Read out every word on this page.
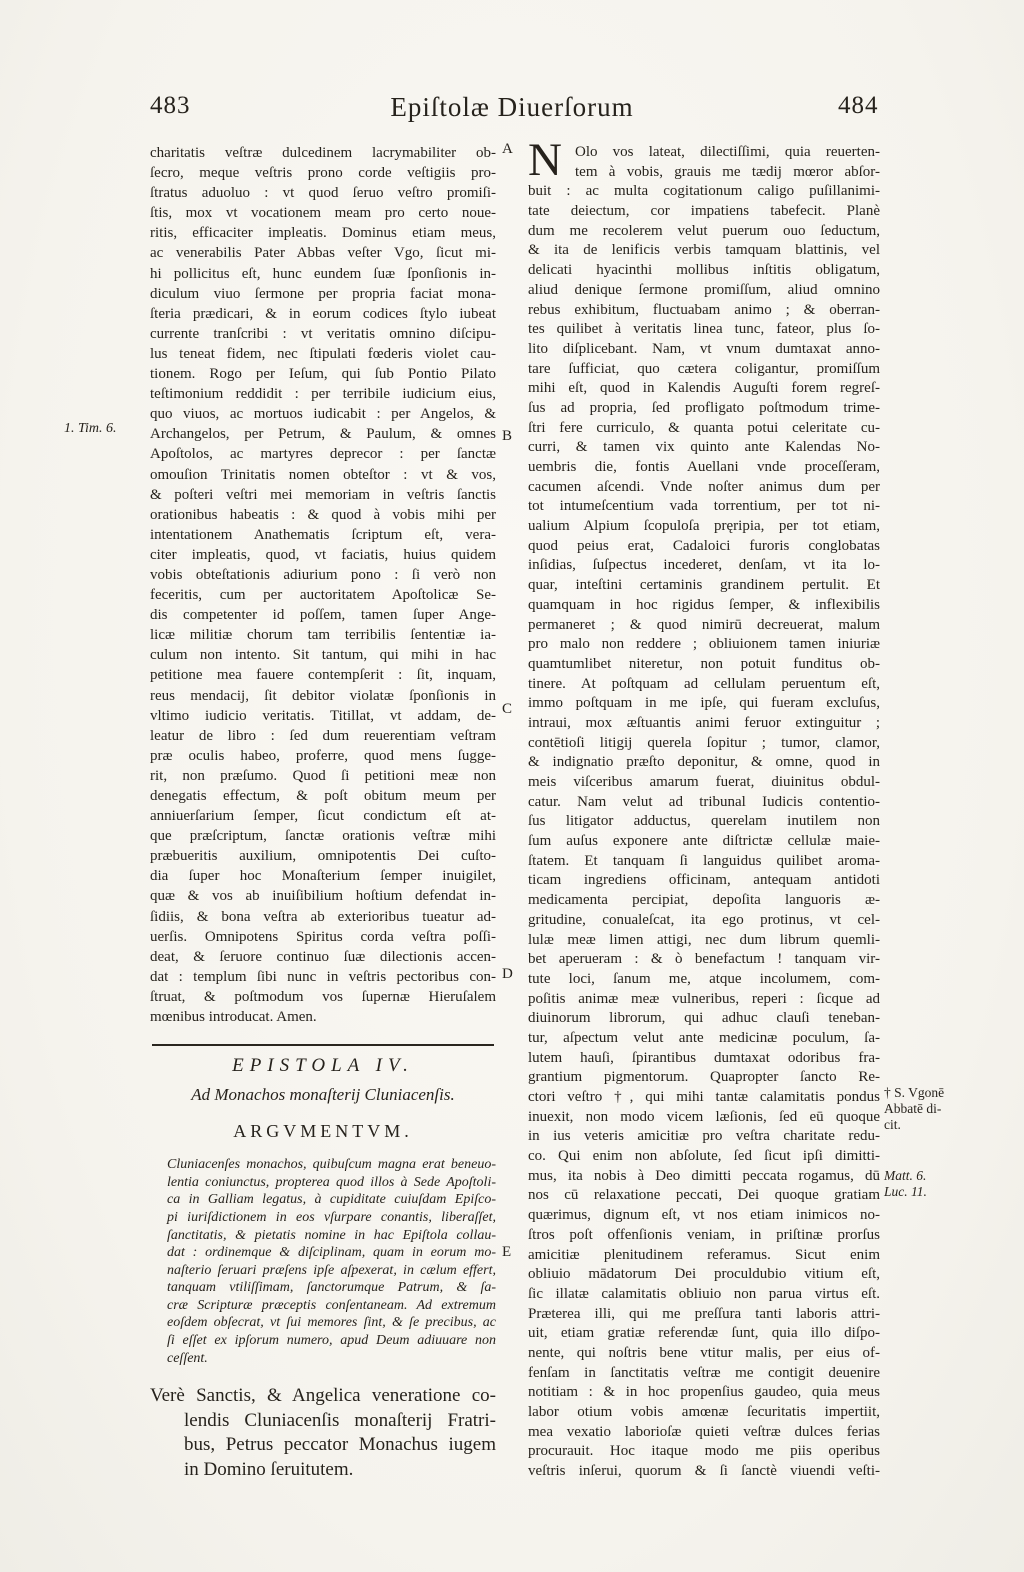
483	Epiſtolæ Diuerſorum	484
1. Tim. 6.
A
B
C
D
E
charitatis veſtræ dulcedinem lacrymabiliter ob-
ſecro, meque veſtris prono corde veſtigiis pro-
ſtratus aduoluo : vt quod ſeruo veſtro promiſi-
ſtis, mox vt vocationem meam pro certo noue-
ritis, efficaciter impleatis. Dominus etiam meus,
ac venerabilis Pater Abbas veſter Vgo, ſicut mi-
hi pollicitus eſt, hunc eundem ſuæ ſponſionis in-
diculum viuo ſermone per propria faciat mona-
ſteria prædicari, & in eorum codices ſtylo iubeat
currente tranſcribi : vt veritatis omnino diſcipu-
lus teneat fidem, nec ſtipulati fœderis violet cau-
tionem. Rogo per Ieſum, qui ſub Pontio Pilato
teſtimonium reddidit : per terribile iudicium eius,
quo viuos, ac mortuos iudicabit : per Angelos, &
Archangelos, per Petrum, & Paulum, & omnes
Apoſtolos, ac martyres deprecor : per ſanctæ
omouſion Trinitatis nomen obteſtor : vt & vos,
& poſteri veſtri mei memoriam in veſtris ſanctis
orationibus habeatis : & quod à vobis mihi per
intentationem Anathematis ſcriptum eſt, vera-
citer impleatis, quod, vt faciatis, huius quidem
vobis obteſtationis adiurium pono : ſi verò non
feceritis, cum per auctoritatem Apoſtolicæ Se-
dis competenter id poſſem, tamen ſuper Ange-
licæ militiæ chorum tam terribilis ſententiæ ia-
culum non intento. Sit tantum, qui mihi in hac
petitione mea fauere contempſerit : ſit, inquam,
reus mendacij, ſit debitor violatæ ſponſionis in
vltimo iudicio veritatis. Titillat, vt addam, de-
leatur de libro : ſed dum reuerentiam veſtram
præ oculis habeo, proferre, quod mens ſugge-
rit, non præſumo. Quod ſi petitioni meæ non
denegatis effectum, & poſt obitum meum per
anniuerſarium ſemper, ſicut condictum eſt at-
que præſcriptum, ſanctæ orationis veſtræ mihi
præbueritis auxilium, omnipotentis Dei cuſto-
dia ſuper hoc Monaſterium ſemper inuigilet,
quæ & vos ab inuiſibilium hoſtium defendat in-
ſidiis, & bona veſtra ab exterioribus tueatur ad-
uerſis. Omnipotens Spiritus corda veſtra poſſi-
deat, & ſeruore continuo ſuæ dilectionis accen-
dat : templum ſibi nunc in veſtris pectoribus con-
ſtruat, & poſtmodum vos ſupernæ Hieruſalem
mœnibus introducat. Amen.
EPISTOLA IV.
Ad Monachos monaſterij Cluniacenſis.
ARGVMENTVM.
Cluniacenſes monachos, quibuſcum magna erat beneuo-
lentia coniunctus, propterea quod illos à Sede Apoſtoli-
ca in Galliam legatus, à cupiditate cuiuſdam Epiſco-
pi iuriſdictionem in eos vſurpare conantis, liberaſſet,
ſanctitatis, & pietatis nomine in hac Epiſtola collau-
dat : ordinemque & diſciplinam, quam in eorum mo-
naſterio ſeruari præſens ipſe aſpexerat, in cælum effert,
tanquam vtiliſſimam, ſanctorumque Patrum, & ſa-
cræ Scripturæ præceptis conſentaneam. Ad extremum
eoſdem obſecrat, vt ſui memores ſint, & ſe precibus, ac
ſi eſſet ex ipſorum numero, apud Deum adiuuare non
ceſſent.
Verè Sanctis, & Angelica veneratione co-
lendis Cluniacenſis monaſterij Fratri-
bus, Petrus peccator Monachus iugem
in Domino ſeruitutem.
N Olo vos lateat, dilectiſſimi, quia reuerten-
tem à vobis, grauis me tædij mœror abſor-
buit : ac multa cogitationum caligo puſillanimi-
tate deiectum, cor impatiens tabefecit. Planè
dum me recolerem velut puerum ouo ſeductum,
& ita de lenificis verbis tamquam blattinis, vel
delicati hyacinthi mollibus inſtitis obligatum,
aliud denique ſermone promiſſum, aliud omnino
rebus exhibitum, fluctuabam animo ; & oberran-
tes quilibet à veritatis linea tunc, fateor, plus ſo-
lito diſplicebant. Nam, vt vnum dumtaxat anno-
tare ſufficiat, quo cætera coligantur, promiſſum
mihi eſt, quod in Kalendis Auguſti forem regreſ-
ſus ad propria, ſed profligato poſtmodum trime-
ſtri fere curriculo, & quanta potui celeritate cu-
curri, & tamen vix quinto ante Kalendas No-
uembris die, fontis Auellani vnde proceſſeram,
cacumen aſcendi. Vnde noſter animus dum per
tot intumeſcentium vada torrentium, per tot ni-
ualium Alpium ſcopuloſa pręripia, per tot etiam,
quod peius erat, Cadaloici furoris conglobatas
inſidias, ſuſpectus incederet, denſam, vt ita lo-
quar, inteſtini certaminis grandinem pertulit. Et
quamquam in hoc rigidus ſemper, & inflexibilis
permaneret ; & quod nimirū decreuerat, malum
pro malo non reddere ; obliuionem tamen iniuriæ
quamtumlibet niteretur, non potuit funditus ob-
tinere. At poſtquam ad cellulam peruentum eſt,
immo poſtquam in me ipſe, qui fueram excluſus,
intraui, mox æſtuantis animi feruor extinguitur ;
contētioſi litigij querela ſopitur ; tumor, clamor,
& indignatio præſto deponitur, & omne, quod in
meis viſceribus amarum fuerat, diuinitus obdul-
catur. Nam velut ad tribunal Iudicis contentio-
ſus litigator adductus, querelam inutilem non
ſum auſus exponere ante diſtrictæ cellulæ maie-
ſtatem. Et tanquam ſi languidus quilibet aroma-
ticam ingrediens officinam, antequam antidoti
medicamenta percipiat, depoſita languoris æ-
gritudine, conualeſcat, ita ego protinus, vt cel-
lulæ meæ limen attigi, nec dum librum quemli-
bet aperueram : & ò benefactum ! tanquam vir-
tute loci, ſanum me, atque incolumem, com-
poſitis animæ meæ vulneribus, reperi : ſicque ad
diuinorum librorum, qui adhuc clauſi teneban-
tur, aſpectum velut ante medicinæ poculum, ſa-
lutem hauſi, ſpirantibus dumtaxat odoribus fra-
grantium pigmentorum. Quapropter ſancto Re-
ctori veſtro †, qui mihi tantæ calamitatis pondus
inuexit, non modo vicem læſionis, ſed eū quoque
in ius veteris amicitiæ pro veſtra charitate redu-
co. Qui enim non abſolute, ſed ſicut ipſi dimitti-
mus, ita nobis à Deo dimitti peccata rogamus, dū
nos cū relaxatione peccati, Dei quoque gratiam
quærimus, dignum eſt, vt nos etiam inimicos no-
ſtros poſt offenſionis veniam, in priſtinæ prorſus
amicitiæ plenitudinem referamus. Sicut enim
obliuio mādatorum Dei proculdubio vitium eſt,
ſic illatæ calamitatis obliuio non parua virtus eſt.
Præterea illi, qui me preſſura tanti laboris attri-
uit, etiam gratiæ referendæ ſunt, quia illo diſpo-
nente, qui noſtris bene vtitur malis, per eius of-
fenſam in ſanctitatis veſtræ me contigit deuenire
notitiam : & in hoc propenſius gaudeo, quia meus
labor otium vobis amœnæ ſecuritatis impertiit,
mea vexatio laborioſæ quieti veſtræ dulces ferias
procurauit. Hoc itaque modo me piis operibus
veſtris inſerui, quorum & ſi ſanctè viuendi veſti-
† S. Vgonē
Abbatē di-
cit.
Matt. 6.
Luc. 11.
